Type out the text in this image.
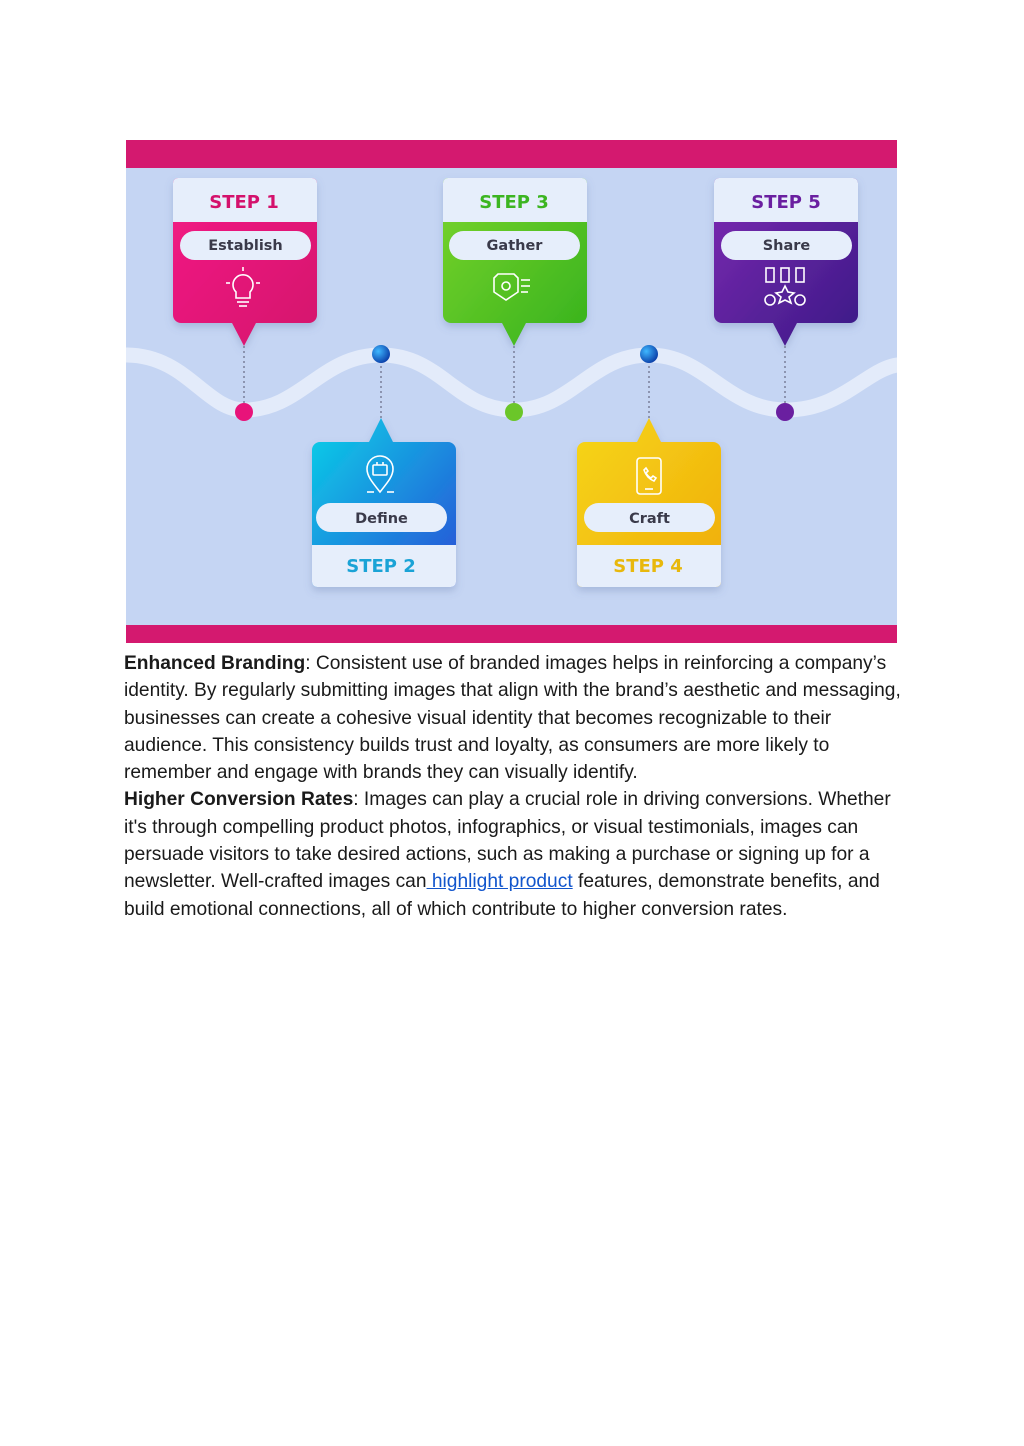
STEP 1
Establish
STEP 3
Gather
STEP 5
Share
Define
STEP 2
Craft
STEP 4

Enhanced Branding: Consistent use of branded images helps in reinforcing a company’s identity. By regularly submitting images that align with the brand’s aesthetic and messaging, businesses can create a cohesive visual identity that becomes recognizable to their audience. This consistency builds trust and loyalty, as consumers are more likely to remember and engage with brands they can visually identify.

Higher Conversion Rates: Images can play a crucial role in driving conversions. Whether it's through compelling product photos, infographics, or visual testimonials, images can persuade visitors to take desired actions, such as making a purchase or signing up for a newsletter. Well-crafted images can highlight product features, demonstrate benefits, and build emotional connections, all of which contribute to higher conversion rates.
